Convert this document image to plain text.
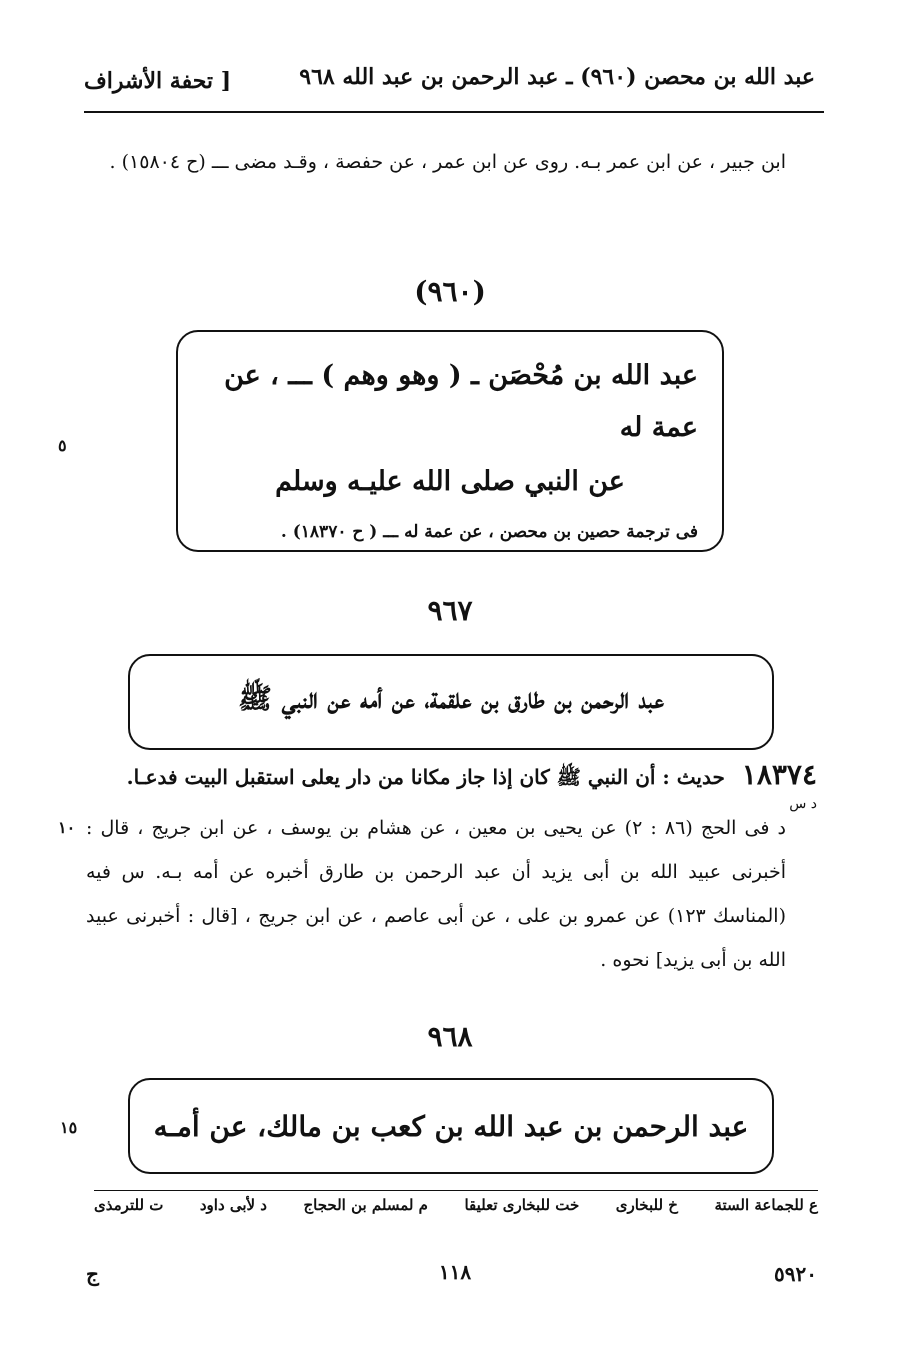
عبد الله بن محصن (٩٦٠) ـ عبد الرحمن بن عبد الله ٩٦٨
[ تحفة الأشراف
ابن جبير ، عن ابن عمر بـه. روى عن ابن عمر ، عن حفصة ، وقـد مضى ـــ (ح ١٥٨٠٤) .
(٩٦٠)
عبد الله بن مُحْصَن ـ ( وهو وهم ) ـــ ، عن عمة له
عن النبي صلى الله عليـه وسلم
فى ترجمة حصين بن محصن ، عن عمة له ـــ ( ح ١٨٣٧٠) .
٥
٩٦٧
عبد الرحمن بن طارق بن علقمة، عن أمه عن النبي ﷺ
١٨٣٧٤ حديث : أن النبي ﷺ كان إذا جاز مكانا من دار يعلى استقبل البيت فدعـا.
د س
د فى الحج (٨٦ : ٢) عن يحيى بن معين ، عن هشام بن يوسف ، عن ابن جريج ، قال : أخبرنى عبيد الله بن أبى يزيد أن عبد الرحمن بن طارق أخبره عن أمه بـه. س فيه (المناسك ١٢٣) عن عمرو بن على ، عن أبى عاصم ، عن ابن جريج ، [قال : أخبرنى عبيد الله بن أبى يزيد] نحوه .
١٠
٩٦٨
عبد الرحمن بن عبد الله بن كعب بن مالك، عن أمـه
١٥
ع للجماعة الستة
خ للبخارى
خت للبخارى تعليقا
م لمسلم بن الحجاج
د لأبى داود
ت للترمذى
ج	١١٨	٥٩٢٠
